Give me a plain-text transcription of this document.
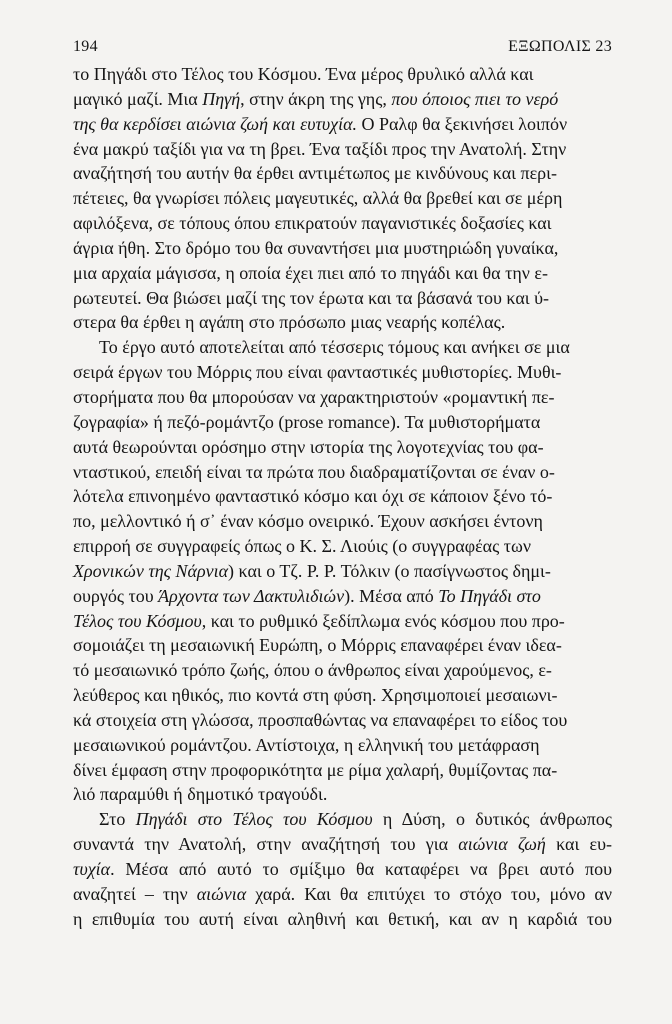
194	ΕΞΩΠΟΛΙΣ 23

το Πηγάδι στο Τέλος του Κόσμου. Ένα μέρος θρυλικό αλλά και
μαγικό μαζί. Μια Πηγή, στην άκρη της γης, που όποιος πιει το νερό
της θα κερδίσει αιώνια ζωή και ευτυχία. Ο Ραλφ θα ξεκινήσει λοιπόν
ένα μακρύ ταξίδι για να τη βρει. Ένα ταξίδι προς την Ανατολή. Στην
αναζήτησή του αυτήν θα έρθει αντιμέτωπος με κινδύνους και περι-
πέτειες, θα γνωρίσει πόλεις μαγευτικές, αλλά θα βρεθεί και σε μέρη
αφιλόξενα, σε τόπους όπου επικρατούν παγανιστικές δοξασίες και
άγρια ήθη. Στο δρόμο του θα συναντήσει μια μυστηριώδη γυναίκα,
μια αρχαία μάγισσα, η οποία έχει πιει από το πηγάδι και θα την ε-
ρωτευτεί. Θα βιώσει μαζί της τον έρωτα και τα βάσανά του και ύ-
στερα θα έρθει η αγάπη στο πρόσωπο μιας νεαρής κοπέλας.

Το έργο αυτό αποτελείται από τέσσερις τόμους και ανήκει σε μια
σειρά έργων του Μόρρις που είναι φανταστικές μυθιστορίες. Μυθι-
στορήματα που θα μπορούσαν να χαρακτηριστούν «ρομαντική πε-
ζογραφία» ή πεζό-ρομάντζο (prose romance). Τα μυθιστορήματα
αυτά θεωρούνται ορόσημο στην ιστορία της λογοτεχνίας του φα-
νταστικού, επειδή είναι τα πρώτα που διαδραματίζονται σε έναν ο-
λότελα επινοημένο φανταστικό κόσμο και όχι σε κάποιον ξένο τό-
πο, μελλοντικό ή σ᾽ έναν κόσμο ονειρικό. Έχουν ασκήσει έντονη
επιρροή σε συγγραφείς όπως ο Κ. Σ. Λιούις (ο συγγραφέας των
Χρονικών της Νάρνια) και ο Τζ. Ρ. Ρ. Τόλκιν (ο πασίγνωστος δημι-
ουργός του Άρχοντα των Δακτυλιδιών). Μέσα από Το Πηγάδι στο
Τέλος του Κόσμου, και το ρυθμικό ξεδίπλωμα ενός κόσμου που προ-
σομοιάζει τη μεσαιωνική Ευρώπη, ο Μόρρις επαναφέρει έναν ιδεα-
τό μεσαιωνικό τρόπο ζωής, όπου ο άνθρωπος είναι χαρούμενος, ε-
λεύθερος και ηθικός, πιο κοντά στη φύση. Χρησιμοποιεί μεσαιωνι-
κά στοιχεία στη γλώσσα, προσπαθώντας να επαναφέρει το είδος του
μεσαιωνικού ρομάντζου. Αντίστοιχα, η ελληνική του μετάφραση
δίνει έμφαση στην προφορικότητα με ρίμα χαλαρή, θυμίζοντας πα-
λιό παραμύθι ή δημοτικό τραγούδι.

Στο Πηγάδι στο Τέλος του Κόσμου η Δύση, ο δυτικός άνθρωπος
συναντά την Ανατολή, στην αναζήτησή του για αιώνια ζωή και ευ-
τυχία. Μέσα από αυτό το σμίξιμο θα καταφέρει να βρει αυτό που
αναζητεί – την αιώνια χαρά. Και θα επιτύχει το στόχο του, μόνο αν
η επιθυμία του αυτή είναι αληθινή και θετική, και αν η καρδιά του
